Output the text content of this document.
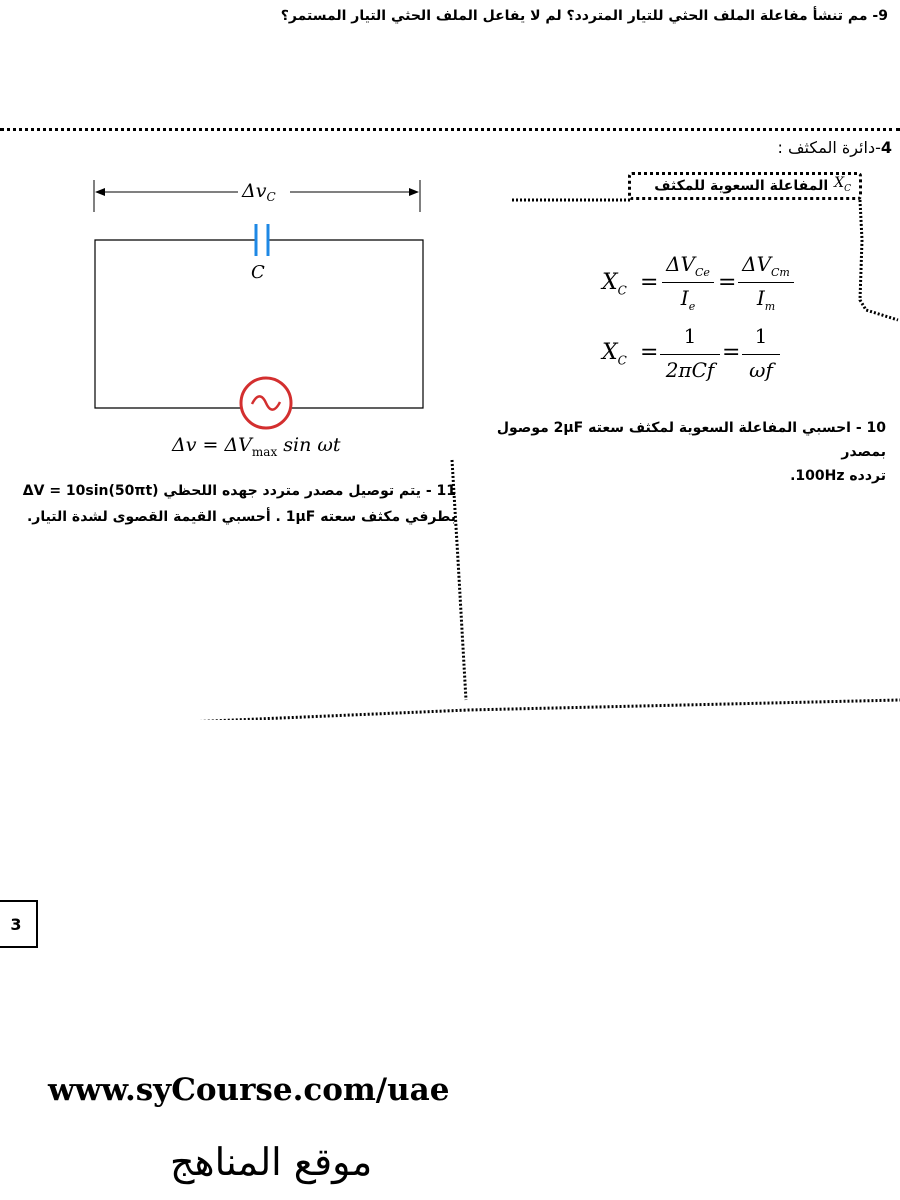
9- مم تنشأ مفاعلة الملف الحثي للتيار المتردد؟ لم لا يفاعل الملف الحثي التيار المستمر؟
4-دائرة المكثف :
المفاعلة السعوية للمكثف $X_C$
$X_C$ =
$\Delta V_{Ce}$
$I_e$
=
$\Delta V_{Cm}$
$I_m$
$X_C$ =
1
2πCf
=
1
ωf
$\Delta v_C$
C
$\Delta v = \Delta V_{max}$ sin ωt
10 - احسبي المفاعلة السعوية لمكثف سعته 2μF موصول بمصدر
تردده 100Hz.
11 - يتم توصيل مصدر متردد جهده اللحظي ΔV = 10sin(50πt)
بطرفي مكثف سعته 1μF . أحسبي القيمة القصوى لشدة التيار.
3
www.syCourse.com/uae
موقع المناهج
